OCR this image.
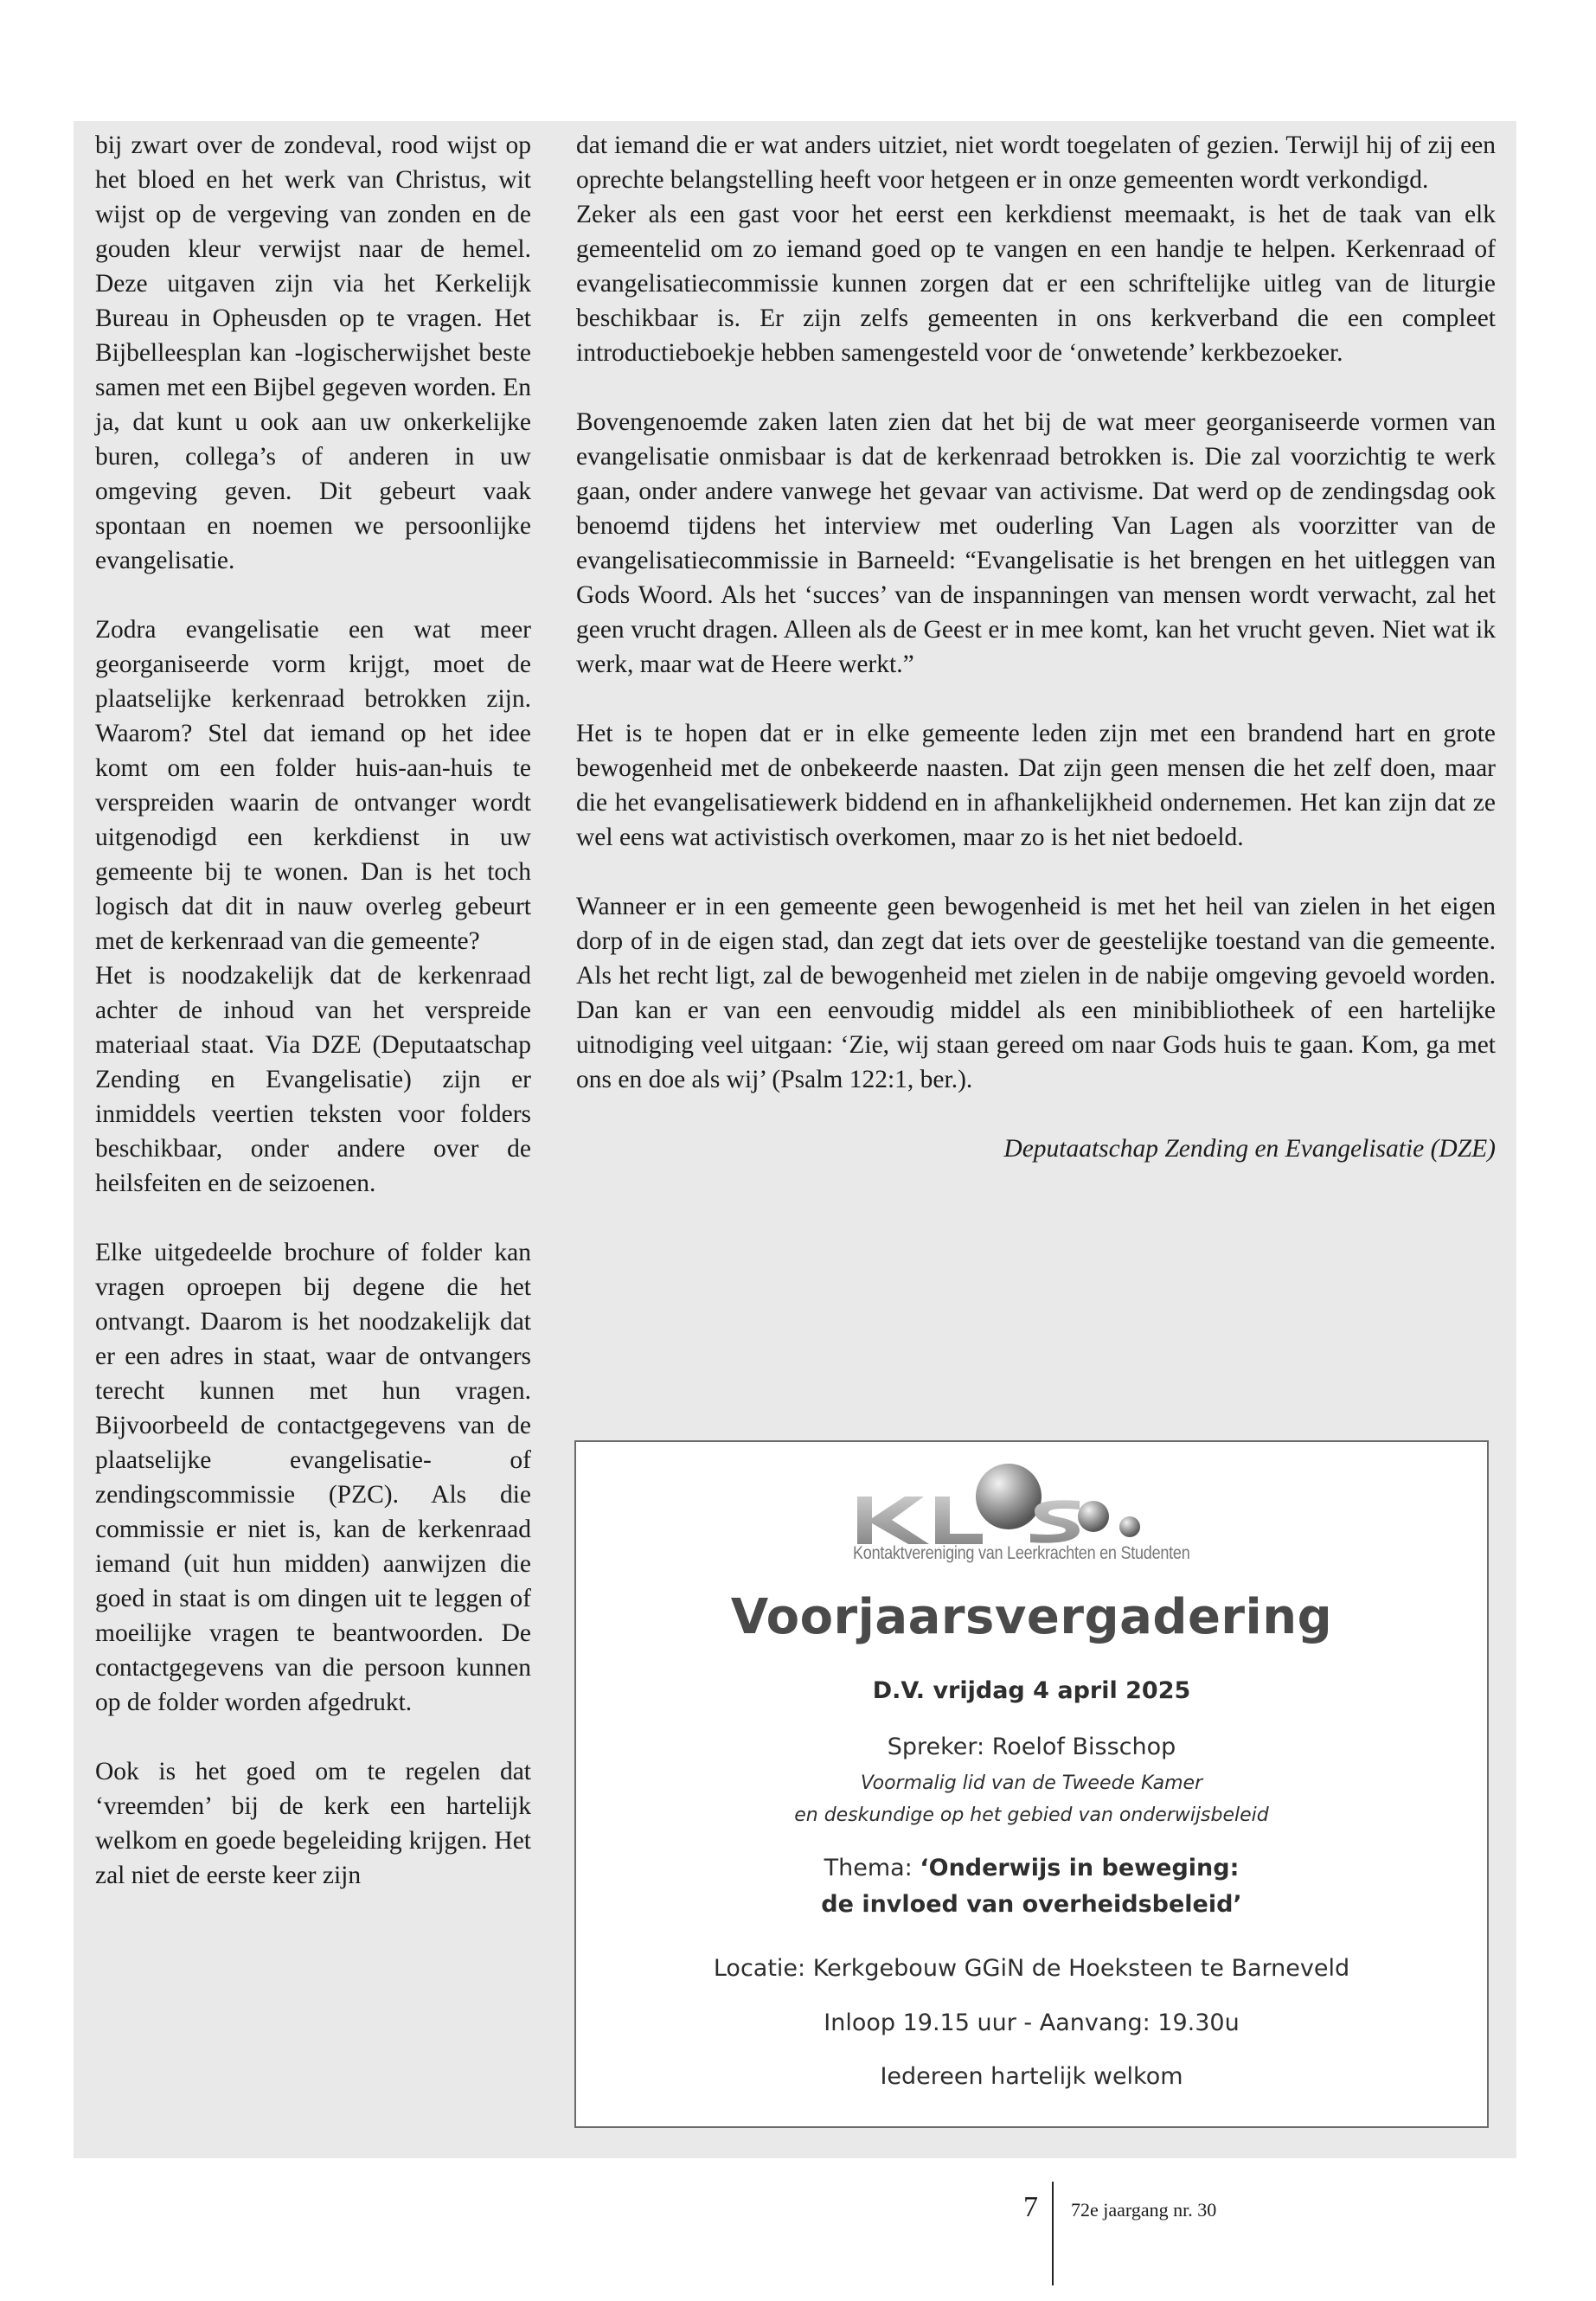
bij zwart over de zondeval, rood wijst op het bloed en het werk van Christus, wit wijst op de vergeving van zonden en de gouden kleur verwijst naar de hemel. Deze uitgaven zijn via het Kerkelijk Bureau in Opheusden op te vragen. Het Bijbelleesplan kan -logischerwijshet beste samen met een Bijbel gegeven worden. En ja, dat kunt u ook aan uw onkerkelijke buren, collega’s of anderen in uw omgeving geven. Dit gebeurt vaak spontaan en noemen we persoonlijke evangelisatie.

Zodra evangelisatie een wat meer georganiseerde vorm krijgt, moet de plaatselijke kerkenraad betrokken zijn. Waarom? Stel dat iemand op het idee komt om een folder huis-aan-huis te verspreiden waarin de ontvanger wordt uitgenodigd een kerkdienst in uw gemeente bij te wonen. Dan is het toch logisch dat dit in nauw overleg gebeurt met de kerkenraad van die gemeente?

Het is noodzakelijk dat de kerkenraad achter de inhoud van het verspreide materiaal staat. Via DZE (Deputaatschap Zending en Evangelisatie) zijn er inmiddels veertien teksten voor folders beschikbaar, onder andere over de heilsfeiten en de seizoenen.

Elke uitgedeelde brochure of folder kan vragen oproepen bij degene die het ontvangt. Daarom is het noodzakelijk dat er een adres in staat, waar de ontvangers terecht kunnen met hun vragen. Bijvoorbeeld de contactgegevens van de plaatselijke evangelisatie- of zendingscommissie (PZC). Als die commissie er niet is, kan de kerkenraad iemand (uit hun midden) aanwijzen die goed in staat is om dingen uit te leggen of moeilijke vragen te beantwoorden. De contactgegevens van die persoon kunnen op de folder worden afgedrukt.

Ook is het goed om te regelen dat ‘vreemden’ bij de kerk een hartelijk welkom en goede begeleiding krijgen. Het zal niet de eerste keer zijn

dat iemand die er wat anders uitziet, niet wordt toegelaten of gezien. Terwijl hij of zij een oprechte belangstelling heeft voor hetgeen er in onze gemeenten wordt verkondigd.

Zeker als een gast voor het eerst een kerkdienst meemaakt, is het de taak van elk gemeentelid om zo iemand goed op te vangen en een handje te helpen. Kerkenraad of evangelisatiecommissie kunnen zorgen dat er een schriftelijke uitleg van de liturgie beschikbaar is. Er zijn zelfs gemeenten in ons kerkverband die een compleet introductieboekje hebben samengesteld voor de ‘onwetende’ kerkbezoeker.

Bovengenoemde zaken laten zien dat het bij de wat meer georganiseerde vormen van evangelisatie onmisbaar is dat de kerkenraad betrokken is. Die zal voorzichtig te werk gaan, onder andere vanwege het gevaar van activisme. Dat werd op de zendingsdag ook benoemd tijdens het interview met ouderling Van Lagen als voorzitter van de evangelisatiecommissie in Barneeld: “Evangelisatie is het brengen en het uitleggen van Gods Woord. Als het ‘succes’ van de inspanningen van mensen wordt verwacht, zal het geen vrucht dragen. Alleen als de Geest er in mee komt, kan het vrucht geven. Niet wat ik werk, maar wat de Heere werkt.”

Het is te hopen dat er in elke gemeente leden zijn met een brandend hart en grote bewogenheid met de onbekeerde naasten. Dat zijn geen mensen die het zelf doen, maar die het evangelisatiewerk biddend en in afhankelijkheid ondernemen. Het kan zijn dat ze wel eens wat activistisch overkomen, maar zo is het niet bedoeld.

Wanneer er in een gemeente geen bewogenheid is met het heil van zielen in het eigen dorp of in de eigen stad, dan zegt dat iets over de geestelijke toestand van die gemeente. Als het recht ligt, zal de bewogenheid met zielen in de nabije omgeving gevoeld worden. Dan kan er van een eenvoudig middel als een minibibliotheek of een hartelijke uitnodiging veel uitgaan: ‘Zie, wij staan gereed om naar Gods huis te gaan. Kom, ga met ons en doe als wij’ (Psalm 122:1, ber.).

Deputaatschap Zending en Evangelisatie (DZE)

Kontaktvereniging van Leerkrachten en Studenten
Voorjaarsvergadering
D.V. vrijdag 4 april 2025
Spreker: Roelof Bisschop
Voormalig lid van de Tweede Kamer
en deskundige op het gebied van onderwijsbeleid
Thema: ‘Onderwijs in beweging:
de invloed van overheidsbeleid’
Locatie: Kerkgebouw GGiN de Hoeksteen te Barneveld
Inloop 19.15 uur - Aanvang: 19.30u
Iedereen hartelijk welkom
7 72e jaargang nr. 30
